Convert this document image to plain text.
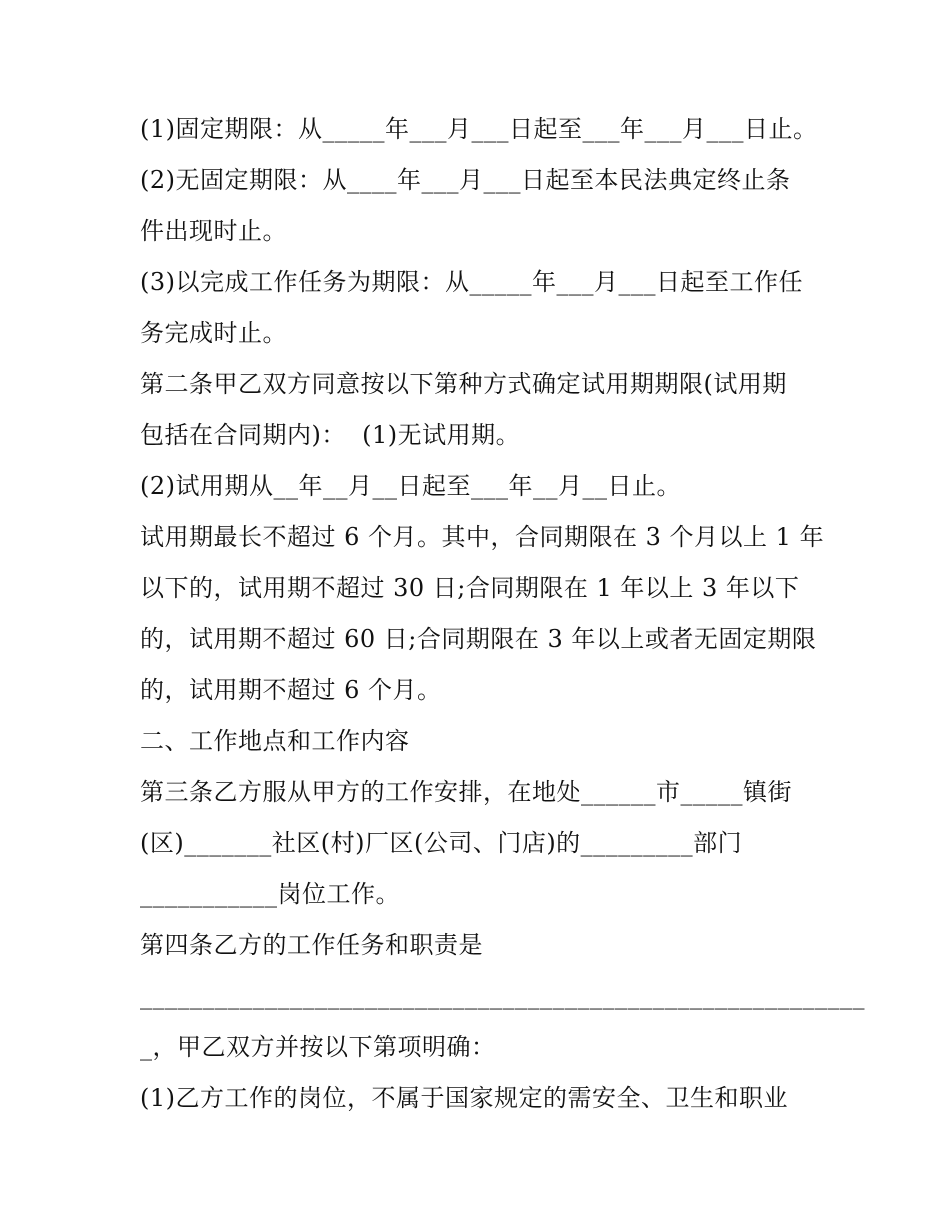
(1)固定期限：从_____年___月___日起至___年___月___日止。
(2)无固定期限：从____年___月___日起至本民法典定终止条
件出现时止。
(3)以完成工作任务为期限：从_____年___月___日起至工作任
务完成时止。
第二条甲乙双方同意按以下第种方式确定试用期期限(试用期
包括在合同期内)：  (1)无试用期。
(2)试用期从__年__月__日起至___年__月__日止。
试用期最长不超过 6 个月。其中，合同期限在 3 个月以上 1 年
以下的，试用期不超过 30 日;合同期限在 1 年以上 3 年以下
的，试用期不超过 60 日;合同期限在 3 年以上或者无固定期限
的，试用期不超过 6 个月。
二、工作地点和工作内容
第三条乙方服从甲方的工作安排，在地处______市_____镇街
(区)_______社区(村)厂区(公司、门店)的_________部门
___________岗位工作。
第四条乙方的工作任务和职责是
__________________________________________________________
_，甲乙双方并按以下第项明确：
(1)乙方工作的岗位，不属于国家规定的需安全、卫生和职业
